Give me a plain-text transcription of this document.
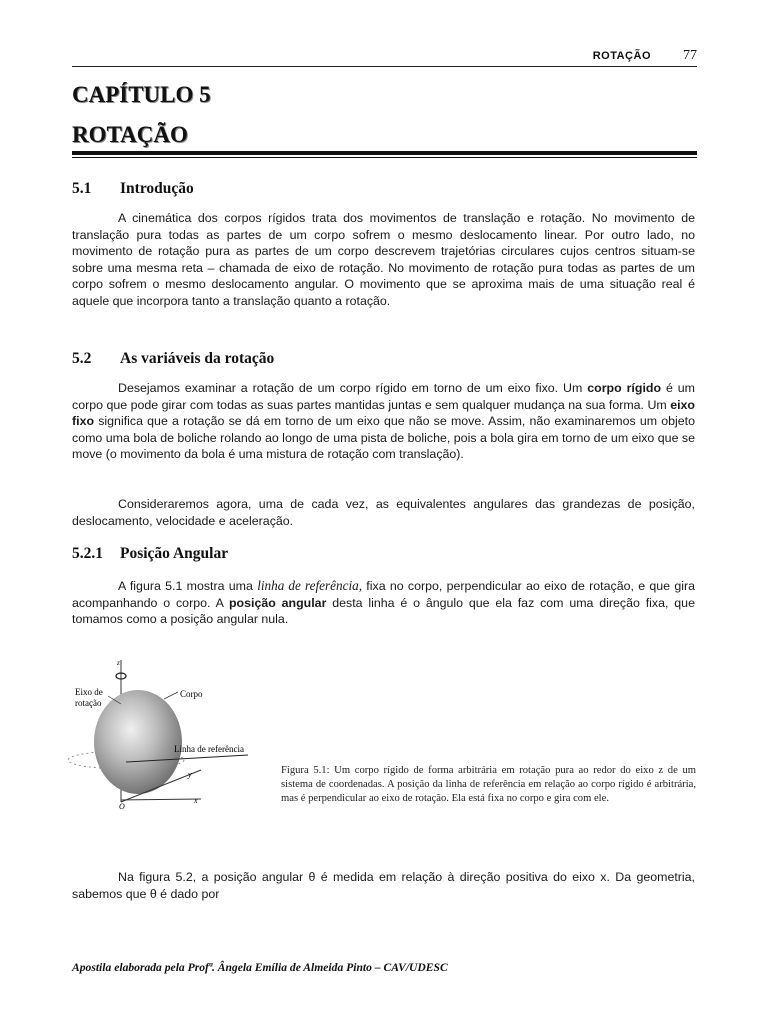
ROTAÇÃO 77
CAPÍTULO 5
ROTAÇÃO
5.1 Introdução
A cinemática dos corpos rígidos trata dos movimentos de translação e rotação. No movimento de translação pura todas as partes de um corpo sofrem o mesmo deslocamento linear. Por outro lado, no movimento de rotação pura as partes de um corpo descrevem trajetórias circulares cujos centros situam-se sobre uma mesma reta – chamada de eixo de rotação. No movimento de rotação pura todas as partes de um corpo sofrem o mesmo deslocamento angular. O movimento que se aproxima mais de uma situação real é aquele que incorpora tanto a translação quanto a rotação.
5.2 As variáveis da rotação
Desejamos examinar a rotação de um corpo rígido em torno de um eixo fixo. Um corpo rígido é um corpo que pode girar com todas as suas partes mantidas juntas e sem qualquer mudança na sua forma. Um eixo fixo significa que a rotação se dá em torno de um eixo que não se move. Assim, não examinaremos um objeto como uma bola de boliche rolando ao longo de uma pista de boliche, pois a bola gira em torno de um eixo que se move (o movimento da bola é uma mistura de rotação com translação).
Consideraremos agora, uma de cada vez, as equivalentes angulares das grandezas de posição, deslocamento, velocidade e aceleração.
5.2.1 Posição Angular
A figura 5.1 mostra uma linha de referência, fixa no corpo, perpendicular ao eixo de rotação, e que gira acompanhando o corpo. A posição angular desta linha é o ângulo que ela faz com uma direção fixa, que tomamos como a posição angular nula.
z
Eixo de
rotação
Corpo
Linha de referência
y
O
x
Figura 5.1: Um corpo rígido de forma arbitrária em rotação pura ao redor do eixo z de um sistema de coordenadas. A posição da linha de referência em relação ao corpo rígido é arbitrária, mas é perpendicular ao eixo de rotação. Ela está fixa no corpo e gira com ele.
Na figura 5.2, a posição angular θ é medida em relação à direção positiva do eixo x. Da geometria, sabemos que θ é dado por
Apostila elaborada pela Profª. Ângela Emília de Almeida Pinto – CAV/UDESC
